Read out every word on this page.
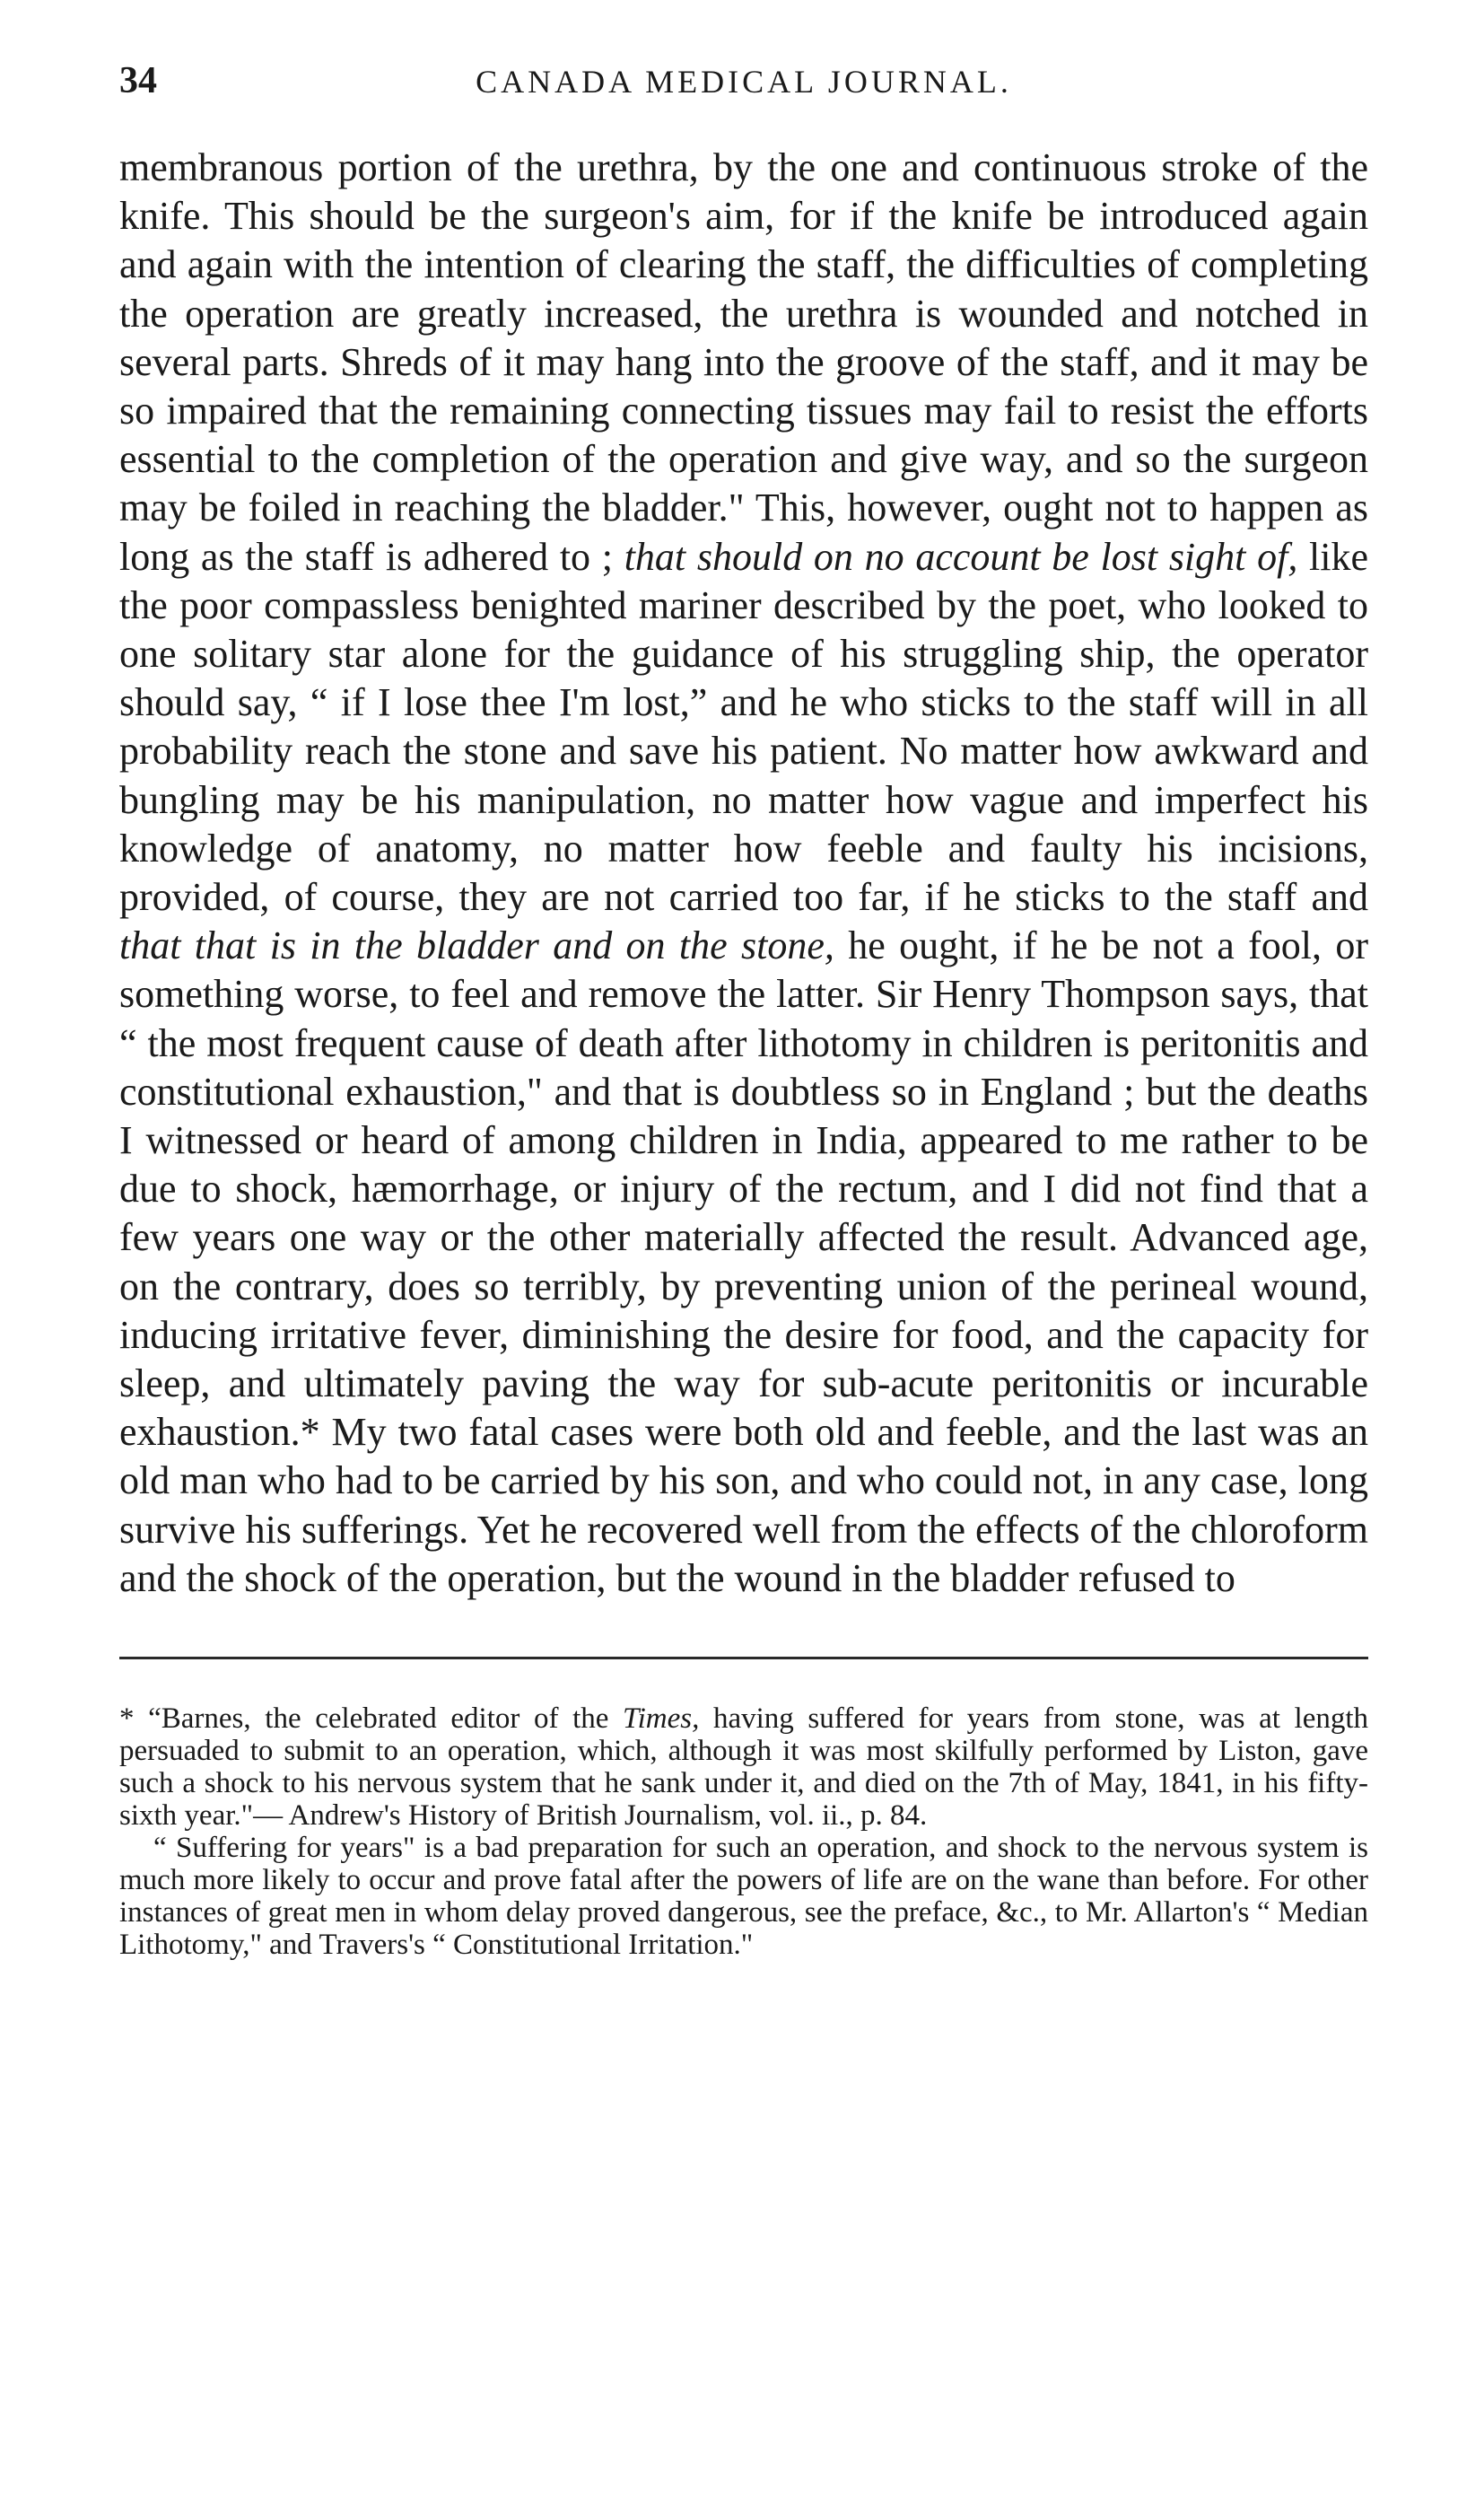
34	CANADA MEDICAL JOURNAL.

membranous portion of the urethra, by the one and continuous stroke of the knife. This should be the surgeon's aim, for if the knife be introduced again and again with the intention of clearing the staff, the difficulties of completing the operation are greatly increased, the urethra is wounded and notched in several parts. Shreds of it may hang into the groove of the staff, and it may be so impaired that the remaining connecting tissues may fail to resist the efforts essential to the completion of the operation and give way, and so the surgeon may be foiled in reaching the bladder." This, however, ought not to happen as long as the staff is adhered to ; that should on no account be lost sight of, like the poor compassless benighted mariner described by the poet, who looked to one solitary star alone for the guidance of his struggling ship, the operator should say, “ if I lose thee I'm lost,” and he who sticks to the staff will in all probability reach the stone and save his patient. No matter how awkward and bungling may be his manipulation, no matter how vague and imperfect his knowledge of anatomy, no matter how feeble and faulty his incisions, provided, of course, they are not carried too far, if he sticks to the staff and that that is in the bladder and on the stone, he ought, if he be not a fool, or something worse, to feel and remove the latter. Sir Henry Thompson says, that “ the most frequent cause of death after lithotomy in children is peritonitis and constitutional exhaustion," and that is doubtless so in England ; but the deaths I witnessed or heard of among children in India, appeared to me rather to be due to shock, hæmorrhage, or injury of the rectum, and I did not find that a few years one way or the other materially affected the result. Advanced age, on the contrary, does so terribly, by preventing union of the perineal wound, inducing irritative fever, diminishing the desire for food, and the capacity for sleep, and ultimately paving the way for sub-acute peritonitis or incurable exhaustion.* My two fatal cases were both old and feeble, and the last was an old man who had to be carried by his son, and who could not, in any case, long survive his sufferings. Yet he recovered well from the effects of the chloroform and the shock of the operation, but the wound in the bladder refused to

* “Barnes, the celebrated editor of the Times, having suffered for years from stone, was at length persuaded to submit to an operation, which, although it was most skilfully performed by Liston, gave such a shock to his nervous system that he sank under it, and died on the 7th of May, 1841, in his fifty-sixth year."— Andrew's History of British Journalism, vol. ii., p. 84.

“ Suffering for years" is a bad preparation for such an operation, and shock to the nervous system is much more likely to occur and prove fatal after the powers of life are on the wane than before. For other instances of great men in whom delay proved dangerous, see the preface, &c., to Mr. Allarton's “ Median Lithotomy," and Travers's “ Constitutional Irritation."
